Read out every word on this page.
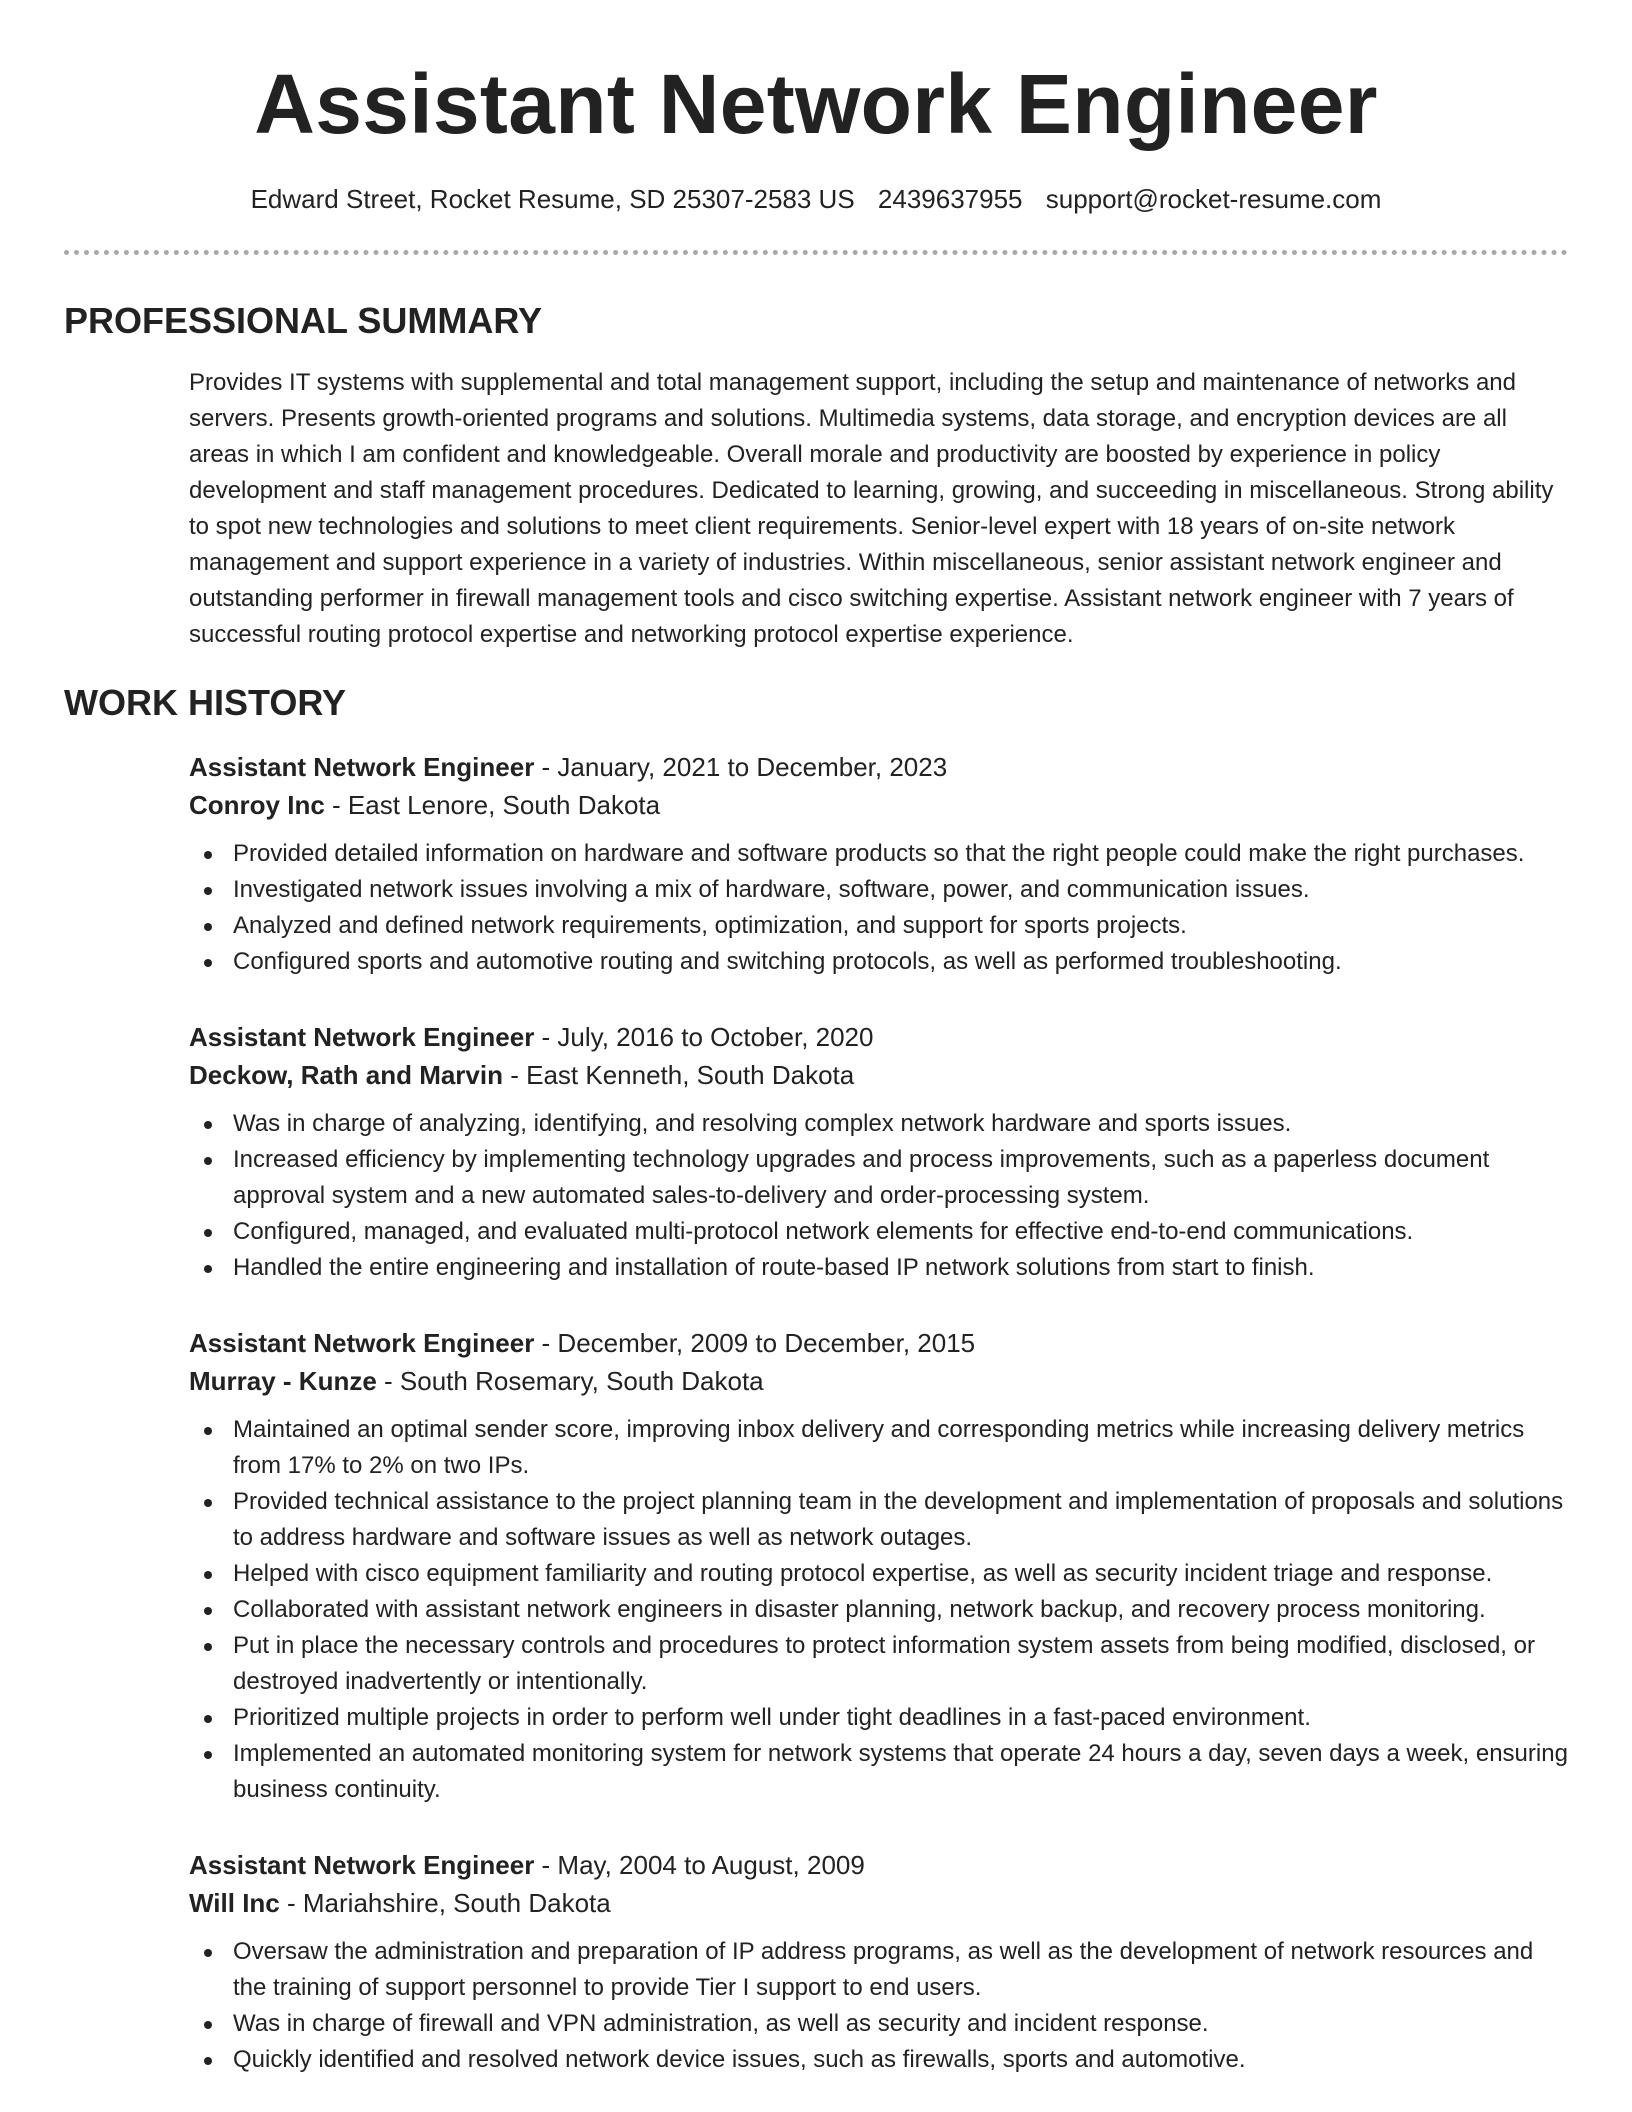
Assistant Network Engineer
Edward Street, Rocket Resume, SD 25307-2583 US 2439637955 support@rocket-resume.com
PROFESSIONAL SUMMARY

Provides IT systems with supplemental and total management support, including the setup and maintenance of networks and servers. Presents growth-oriented programs and solutions. Multimedia systems, data storage, and encryption devices are all areas in which I am confident and knowledgeable. Overall morale and productivity are boosted by experience in policy development and staff management procedures. Dedicated to learning, growing, and succeeding in miscellaneous. Strong ability to spot new technologies and solutions to meet client requirements. Senior-level expert with 18 years of on-site network management and support experience in a variety of industries. Within miscellaneous, senior assistant network engineer and outstanding performer in firewall management tools and cisco switching expertise. Assistant network engineer with 7 years of successful routing protocol expertise and networking protocol expertise experience.

WORK HISTORY
Assistant Network Engineer - January, 2021 to December, 2023
Conroy Inc - East Lenore, South Dakota
Provided detailed information on hardware and software products so that the right people could make the right purchases.
Investigated network issues involving a mix of hardware, software, power, and communication issues.
Analyzed and defined network requirements, optimization, and support for sports projects.
Configured sports and automotive routing and switching protocols, as well as performed troubleshooting.
Assistant Network Engineer - July, 2016 to October, 2020
Deckow, Rath and Marvin - East Kenneth, South Dakota
Was in charge of analyzing, identifying, and resolving complex network hardware and sports issues.
Increased efficiency by implementing technology upgrades and process improvements, such as a paperless document approval system and a new automated sales-to-delivery and order-processing system.
Configured, managed, and evaluated multi-protocol network elements for effective end-to-end communications.
Handled the entire engineering and installation of route-based IP network solutions from start to finish.
Assistant Network Engineer - December, 2009 to December, 2015
Murray - Kunze - South Rosemary, South Dakota
Maintained an optimal sender score, improving inbox delivery and corresponding metrics while increasing delivery metrics from 17% to 2% on two IPs.
Provided technical assistance to the project planning team in the development and implementation of proposals and solutions to address hardware and software issues as well as network outages.
Helped with cisco equipment familiarity and routing protocol expertise, as well as security incident triage and response.
Collaborated with assistant network engineers in disaster planning, network backup, and recovery process monitoring.
Put in place the necessary controls and procedures to protect information system assets from being modified, disclosed, or destroyed inadvertently or intentionally.
Prioritized multiple projects in order to perform well under tight deadlines in a fast-paced environment.
Implemented an automated monitoring system for network systems that operate 24 hours a day, seven days a week, ensuring business continuity.
Assistant Network Engineer - May, 2004 to August, 2009
Will Inc - Mariahshire, South Dakota
Oversaw the administration and preparation of IP address programs, as well as the development of network resources and the training of support personnel to provide Tier I support to end users.
Was in charge of firewall and VPN administration, as well as security and incident response.
Quickly identified and resolved network device issues, such as firewalls, sports and automotive.
